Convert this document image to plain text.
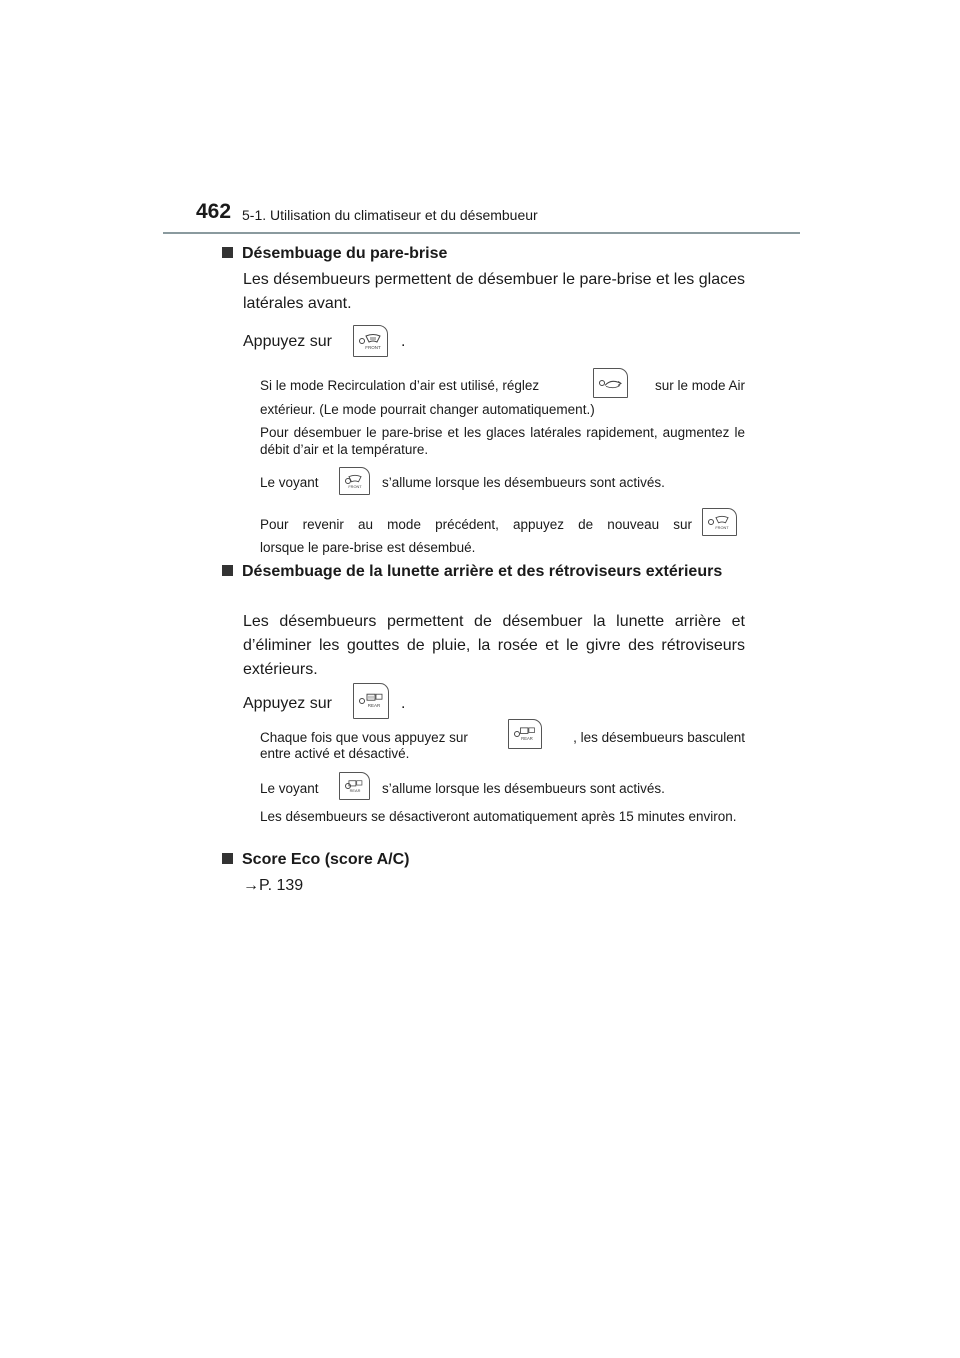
462 5-1. Utilisation du climatiseur et du désembueur
Désembuage du pare-brise
Les désembueurs permettent de désembuer le pare-brise et les glaces latérales avant.
Appuyez sur	FRONT .
Si le mode Recirculation d’air est utilisé, réglez	sur le mode Air
extérieur. (Le mode pourrait changer automatiquement.)
Pour désembuer le pare-brise et les glaces latérales rapidement, augmentez le débit d’air et la température.
Le voyant	FRONT s’allume lorsque les désembueurs sont activés.
Pour revenir au mode précédent, appuyez de nouveau sur	FRONT
lorsque le pare-brise est désembué.
Désembuage de la lunette arrière et des rétroviseurs extérieurs
Les désembueurs permettent de désembuer la lunette arrière et d’éliminer les gouttes de pluie, la rosée et le givre des rétroviseurs extérieurs.
Appuyez sur	REAR .
Chaque fois que vous appuyez sur	REAR	, les désembueurs basculent
entre activé et désactivé.
Le voyant	REAR s’allume lorsque les désembueurs sont activés.
Les désembueurs se désactiveront automatiquement après 15 minutes environ.
Score Eco (score A/C)
→P. 139
